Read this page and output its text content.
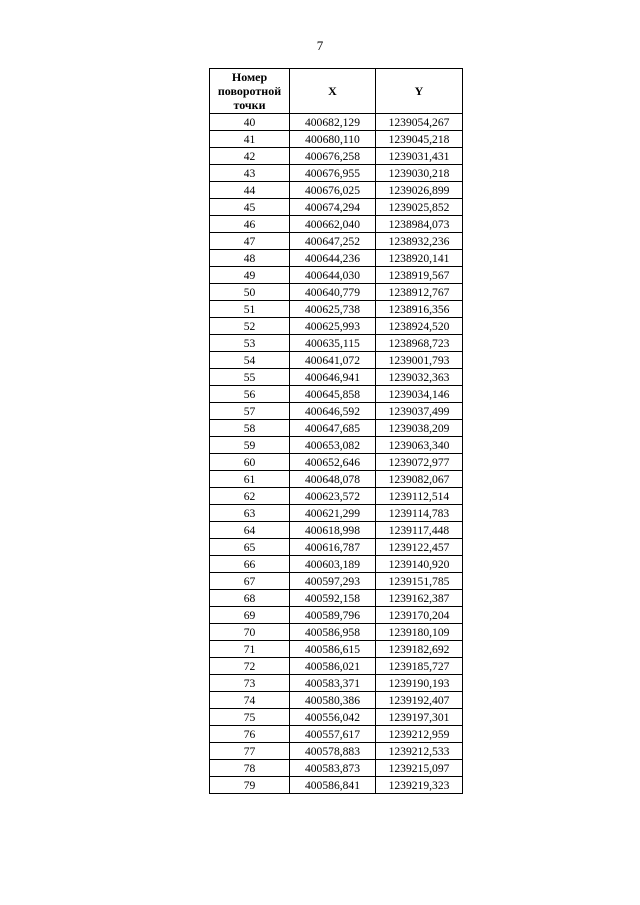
7
Номер поворотной точки	X	Y
40	400682,129	1239054,267
41	400680,110	1239045,218
42	400676,258	1239031,431
43	400676,955	1239030,218
44	400676,025	1239026,899
45	400674,294	1239025,852
46	400662,040	1238984,073
47	400647,252	1238932,236
48	400644,236	1238920,141
49	400644,030	1238919,567
50	400640,779	1238912,767
51	400625,738	1238916,356
52	400625,993	1238924,520
53	400635,115	1238968,723
54	400641,072	1239001,793
55	400646,941	1239032,363
56	400645,858	1239034,146
57	400646,592	1239037,499
58	400647,685	1239038,209
59	400653,082	1239063,340
60	400652,646	1239072,977
61	400648,078	1239082,067
62	400623,572	1239112,514
63	400621,299	1239114,783
64	400618,998	1239117,448
65	400616,787	1239122,457
66	400603,189	1239140,920
67	400597,293	1239151,785
68	400592,158	1239162,387
69	400589,796	1239170,204
70	400586,958	1239180,109
71	400586,615	1239182,692
72	400586,021	1239185,727
73	400583,371	1239190,193
74	400580,386	1239192,407
75	400556,042	1239197,301
76	400557,617	1239212,959
77	400578,883	1239212,533
78	400583,873	1239215,097
79	400586,841	1239219,323
